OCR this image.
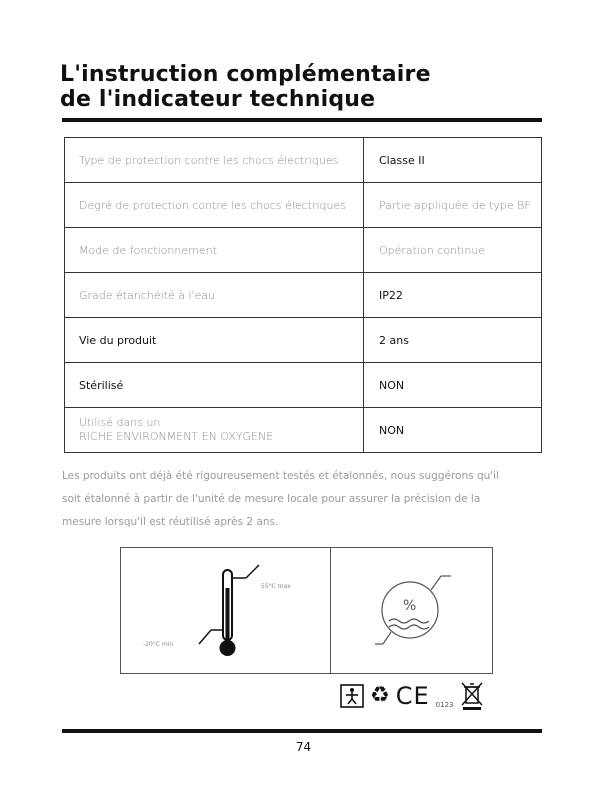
L'instruction complémentaire
de l'indicateur technique
Type de protection contre les chocs électriques	Classe II
Degré de protection contre les chocs électriques	Partie appliquée de type BF
Mode de fonctionnement	Opération continue
Grade étanchéité à l'eau	IP22
Vie du produit	2 ans
Stérilisé	NON

Utilisé dans un
RICHE ENVIRONMENT EN OXYGENE	NON
Les produits ont déjà été rigoureusement testés et étalonnés, nous suggérons qu'il
soit étalonné à partir de l'unité de mesure locale pour assurer la précision de la
mesure lorsqu'il est réutilisé après 2 ans.
55°C max
-20°C min
%
♻ CE 0123
74
